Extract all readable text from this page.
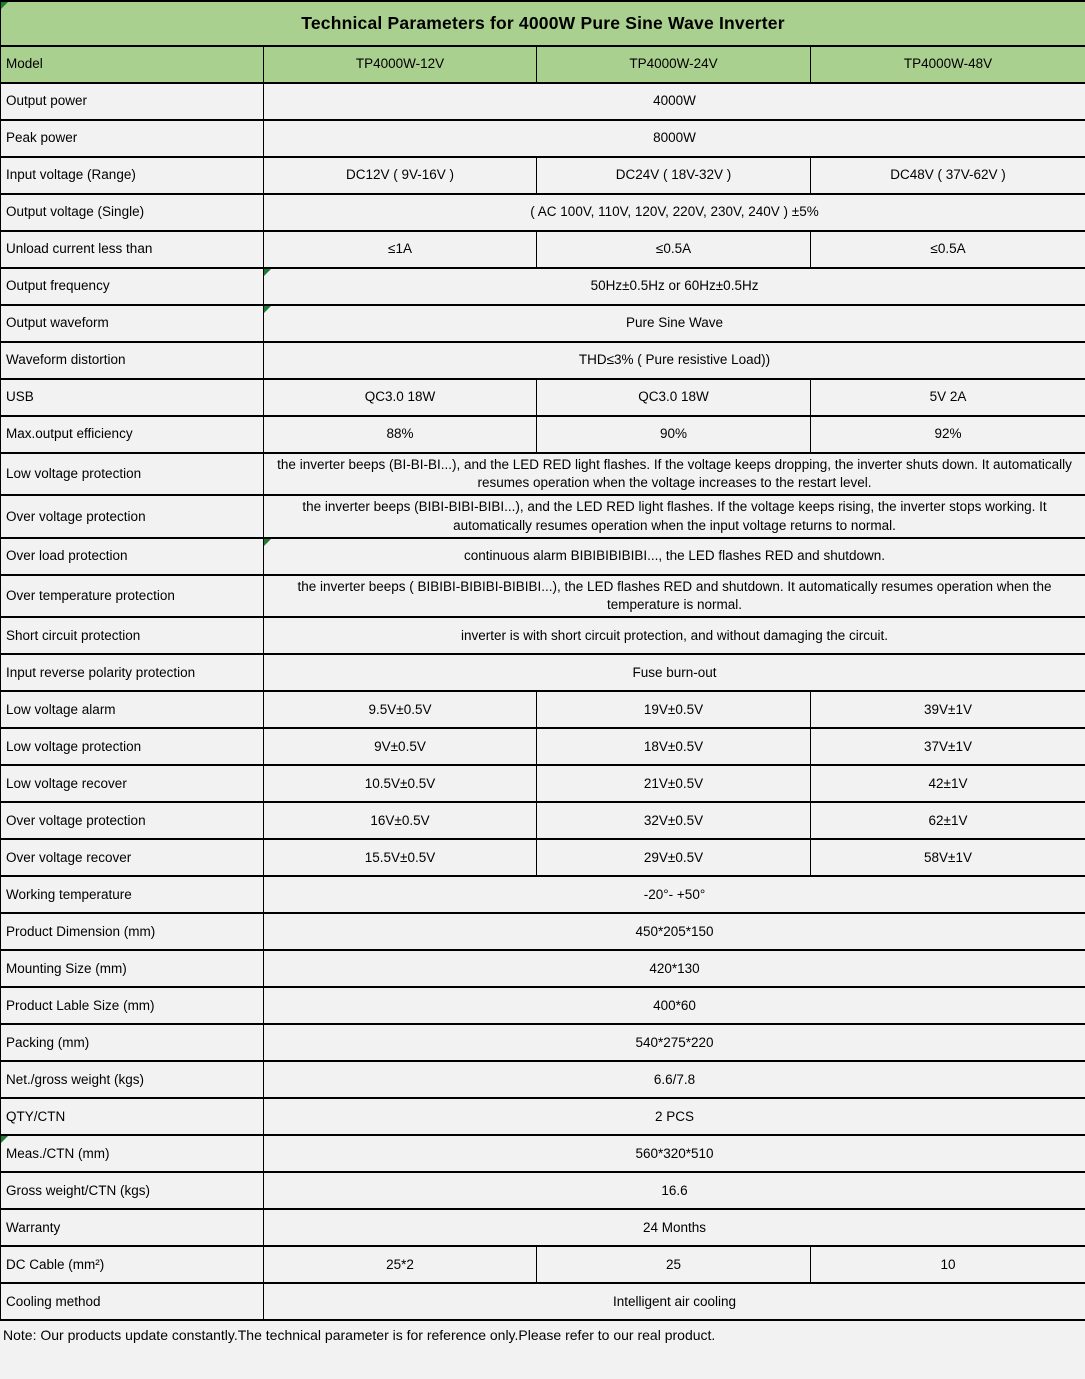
Technical Parameters for 4000W Pure Sine Wave Inverter			
Model	TP4000W-12V	TP4000W-24V	TP4000W-48V
Output power	4000W		
Peak power	8000W		
Input voltage (Range)	DC12V ( 9V-16V )	DC24V ( 18V-32V )	DC48V ( 37V-62V )
Output voltage (Single)	( AC 100V, 110V, 120V, 220V, 230V, 240V ) ±5%		
Unload current less than	≤1A	≤0.5A	≤0.5A
Output frequency	50Hz±0.5Hz or 60Hz±0.5Hz		

Output waveform	Pure Sine Wave		

Waveform distortion	THD≤3% ( Pure resistive Load))		
USB	QC3.0 18W	QC3.0 18W	5V 2A
Max.output efficiency	88%	90%	92%
Low voltage protection	the inverter beeps (BI-BI-BI...), and the LED RED light flashes. If the voltage keeps dropping, the inverter shuts down. It automatically resumes operation when the voltage increases to the restart level.		
Over voltage protection	the inverter beeps (BIBI-BIBI-BIBI...), and the LED RED light flashes. If the voltage keeps rising, the inverter stops working. It automatically resumes operation when the input voltage returns to normal.		
Over load protection	continuous alarm BIBIBIBIBIBI..., the LED flashes RED and shutdown.		

Over temperature protection	the inverter beeps ( BIBIBI-BIBIBI-BIBIBI...), the LED flashes RED and shutdown. It automatically resumes operation when the temperature is normal.		
Short circuit protection	inverter is with short circuit protection, and without damaging the circuit.		
Input reverse polarity protection	Fuse burn-out		
Low voltage alarm	9.5V±0.5V	19V±0.5V	39V±1V
Low voltage protection	9V±0.5V	18V±0.5V	37V±1V
Low voltage recover	10.5V±0.5V	21V±0.5V	42±1V
Over voltage protection	16V±0.5V	32V±0.5V	62±1V
Over voltage recover	15.5V±0.5V	29V±0.5V	58V±1V
Working temperature	-20°- +50°		
Product Dimension (mm)	450*205*150		
Mounting Size (mm)	420*130		
Product Lable Size (mm)	400*60		
Packing (mm)	540*275*220		
Net./gross weight (kgs)	6.6/7.8		
QTY/CTN	2 PCS		
Meas./CTN (mm)	560*320*510		
Gross weight/CTN (kgs)	16.6		
Warranty	24 Months		
DC Cable (mm²)	25*2	25	10
Cooling method	Intelligent air cooling		
Note: Our products update constantly.The technical parameter is for reference only.Please refer to our real product.
